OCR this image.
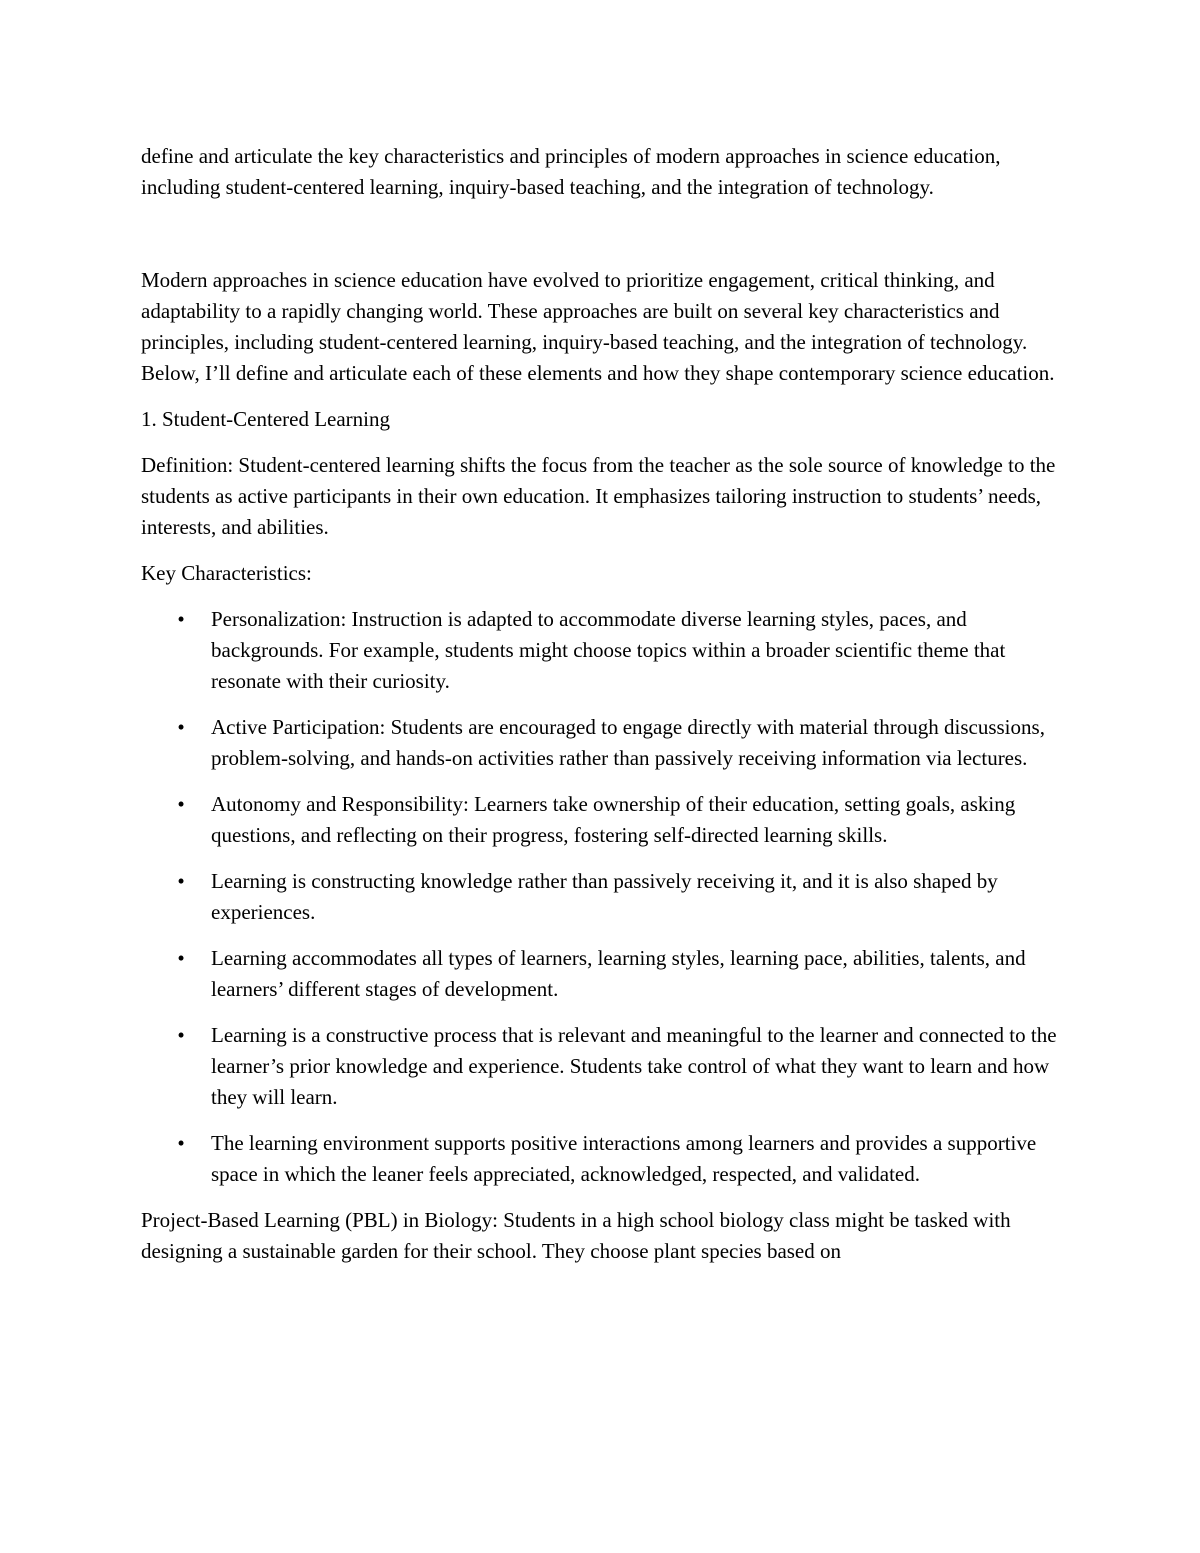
define and articulate the key characteristics and principles of modern approaches in science education, including student-centered learning, inquiry-based teaching, and the integration of technology.

Modern approaches in science education have evolved to prioritize engagement, critical thinking, and adaptability to a rapidly changing world. These approaches are built on several key characteristics and principles, including student-centered learning, inquiry-based teaching, and the integration of technology. Below, I’ll define and articulate each of these elements and how they shape contemporary science education.

1. Student-Centered Learning

Definition: Student-centered learning shifts the focus from the teacher as the sole source of knowledge to the students as active participants in their own education. It emphasizes tailoring instruction to students’ needs, interests, and abilities.

Key Characteristics:

• Personalization: Instruction is adapted to accommodate diverse learning styles, paces, and backgrounds. For example, students might choose topics within a broader scientific theme that resonate with their curiosity.
• Active Participation: Students are encouraged to engage directly with material through discussions, problem-solving, and hands-on activities rather than passively receiving information via lectures.
• Autonomy and Responsibility: Learners take ownership of their education, setting goals, asking questions, and reflecting on their progress, fostering self-directed learning skills.
• Learning is constructing knowledge rather than passively receiving it, and it is also shaped by experiences.
• Learning accommodates all types of learners, learning styles, learning pace, abilities, talents, and learners’ different stages of development.
• Learning is a constructive process that is relevant and meaningful to the learner and connected to the learner’s prior knowledge and experience. Students take control of what they want to learn and how they will learn.
• The learning environment supports positive interactions among learners and provides a supportive space in which the leaner feels appreciated, acknowledged, respected, and validated.

Project-Based Learning (PBL) in Biology: Students in a high school biology class might be tasked with designing a sustainable garden for their school. They choose plant species based on
